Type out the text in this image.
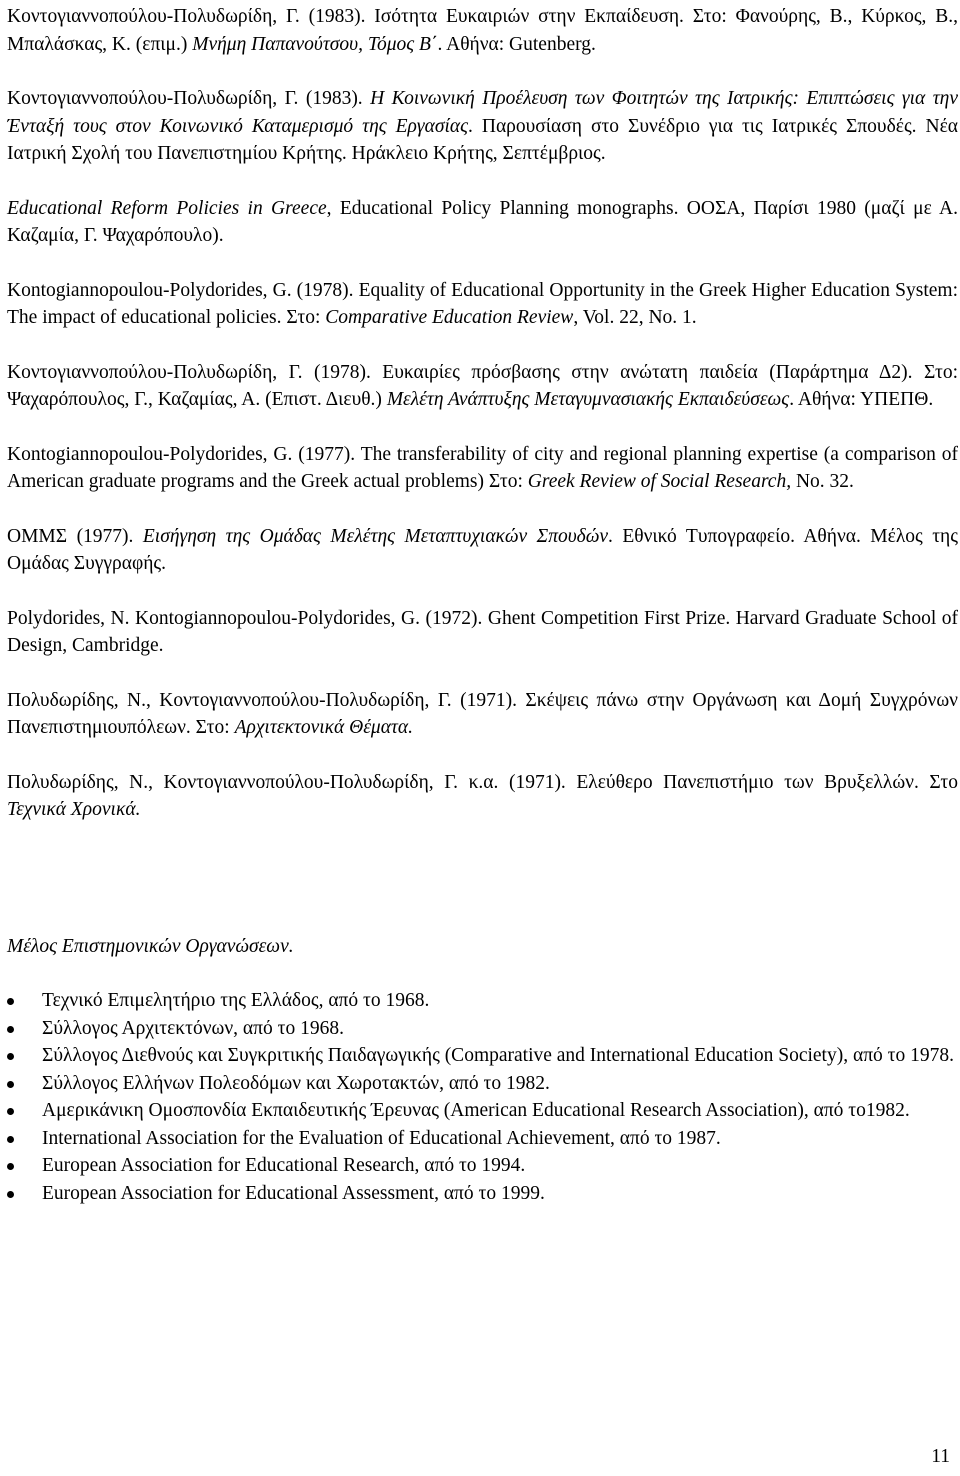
Κοντογιαννοπούλου-Πολυδωρίδη, Γ. (1983). Ισότητα Ευκαιριών στην Εκπαίδευση. Στο: Φανούρης, Β., Κύρκος, Β., Μπαλάσκας, Κ. (επιμ.) Μνήμη Παπανούτσου, Τόμος Β΄. Αθήνα: Gutenberg.

Κοντογιαννοπούλου-Πολυδωρίδη, Γ. (1983). Η Κοινωνική Προέλευση των Φοιτητών της Ιατρικής: Επιπτώσεις για την Ένταξή τους στον Κοινωνικό Καταμερισμό της Εργασίας. Παρουσίαση στο Συνέδριο για τις Ιατρικές Σπουδές. Νέα Ιατρική Σχολή του Πανεπιστημίου Κρήτης. Ηράκλειο Κρήτης, Σεπτέμβριος.

Educational Reform Policies in Greece, Educational Policy Planning monographs. ΟΟΣΑ, Παρίσι 1980 (μαζί με Α. Καζαμία, Γ. Ψαχαρόπουλο).

Kontogiannopoulou-Polydorides, G. (1978). Equality of Educational Opportunity in the Greek Higher Education System: The impact of educational policies. Στο: Comparative Education Review, Vol. 22, No. 1.

Κοντογιαννοπούλου-Πολυδωρίδη, Γ. (1978). Ευκαιρίες πρόσβασης στην ανώτατη παιδεία (Παράρτημα Δ2). Στο: Ψαχαρόπουλος, Γ., Καζαμίας, Α. (Επιστ. Διευθ.) Μελέτη Ανάπτυξης Μεταγυμνασιακής Εκπαιδεύσεως. Αθήνα: ΥΠΕΠΘ.

Kontogiannopoulou-Polydorides, G. (1977). The transferability of city and regional planning expertise (a comparison of American graduate programs and the Greek actual problems) Στο: Greek Review of Social Research, No. 32.

ΟΜΜΣ (1977). Εισήγηση της Ομάδας Μελέτης Μεταπτυχιακών Σπουδών. Εθνικό Τυπογραφείο. Αθήνα. Μέλος της Ομάδας Συγγραφής.

Polydorides, N. Kontogiannopoulou-Polydorides, G. (1972). Ghent Competition First Prize. Harvard Graduate School of Design, Cambridge.

Πολυδωρίδης, Ν., Κοντογιαννοπούλου-Πολυδωρίδη, Γ. (1971). Σκέψεις πάνω στην Οργάνωση και Δομή Συγχρόνων Πανεπιστημιουπόλεων. Στο: Αρχιτεκτονικά Θέματα.

Πολυδωρίδης, Ν., Κοντογιαννοπούλου-Πολυδωρίδη, Γ. κ.α. (1971). Ελεύθερο Πανεπιστήμιο των Βρυξελλών. Στο Τεχνικά Χρονικά.

Μέλος Επιστημονικών Οργανώσεων.
Τεχνικό Επιμελητήριο της Ελλάδος, από το 1968.
Σύλλογος Αρχιτεκτόνων, από το 1968.
Σύλλογος Διεθνούς και Συγκριτικής Παιδαγωγικής (Comparative and International Education Society), από το 1978.
Σύλλογος Ελλήνων Πολεοδόμων και Χωροτακτών, από το 1982.
Αμερικάνικη Ομοσπονδία Εκπαιδευτικής Έρευνας (American Educational Research Association), από το1982.
International Association for the Evaluation of Educational Achievement, από το 1987.
European Association for Educational Research, από το 1994.
European Association for Educational Assessment, από το 1999.
11
